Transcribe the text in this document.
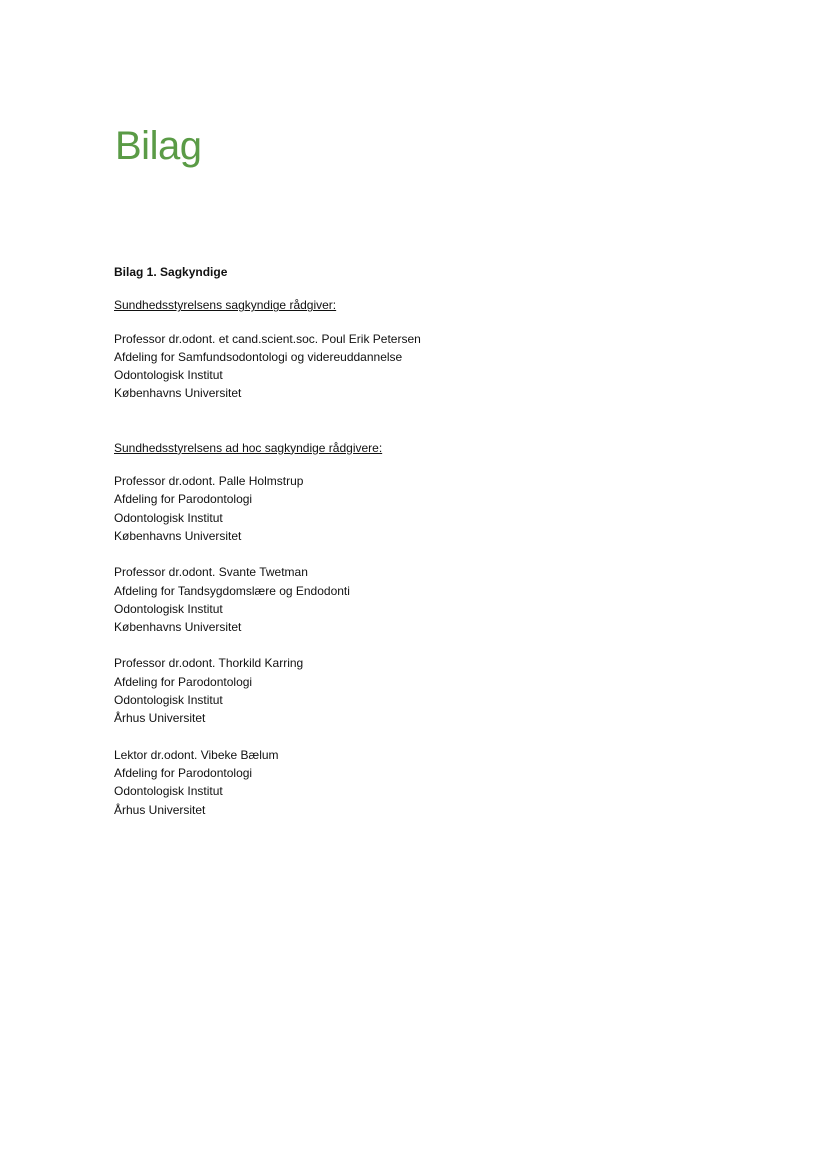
Bilag

Bilag 1. Sagkyndige

Sundhedsstyrelsens sagkyndige rådgiver:

Professor dr.odont. et cand.scient.soc. Poul Erik Petersen

Afdeling for Samfundsodontologi og videreuddannelse

Odontologisk Institut

Københavns Universitet

Sundhedsstyrelsens ad hoc sagkyndige rådgivere:

Professor dr.odont. Palle Holmstrup

Afdeling for Parodontologi

Odontologisk Institut

Københavns Universitet

Professor dr.odont. Svante Twetman

Afdeling for Tandsygdomslære og Endodonti

Odontologisk Institut

Københavns Universitet

Professor dr.odont. Thorkild Karring

Afdeling for Parodontologi

Odontologisk Institut

Århus Universitet

Lektor dr.odont. Vibeke Bælum

Afdeling for Parodontologi

Odontologisk Institut

Århus Universitet
